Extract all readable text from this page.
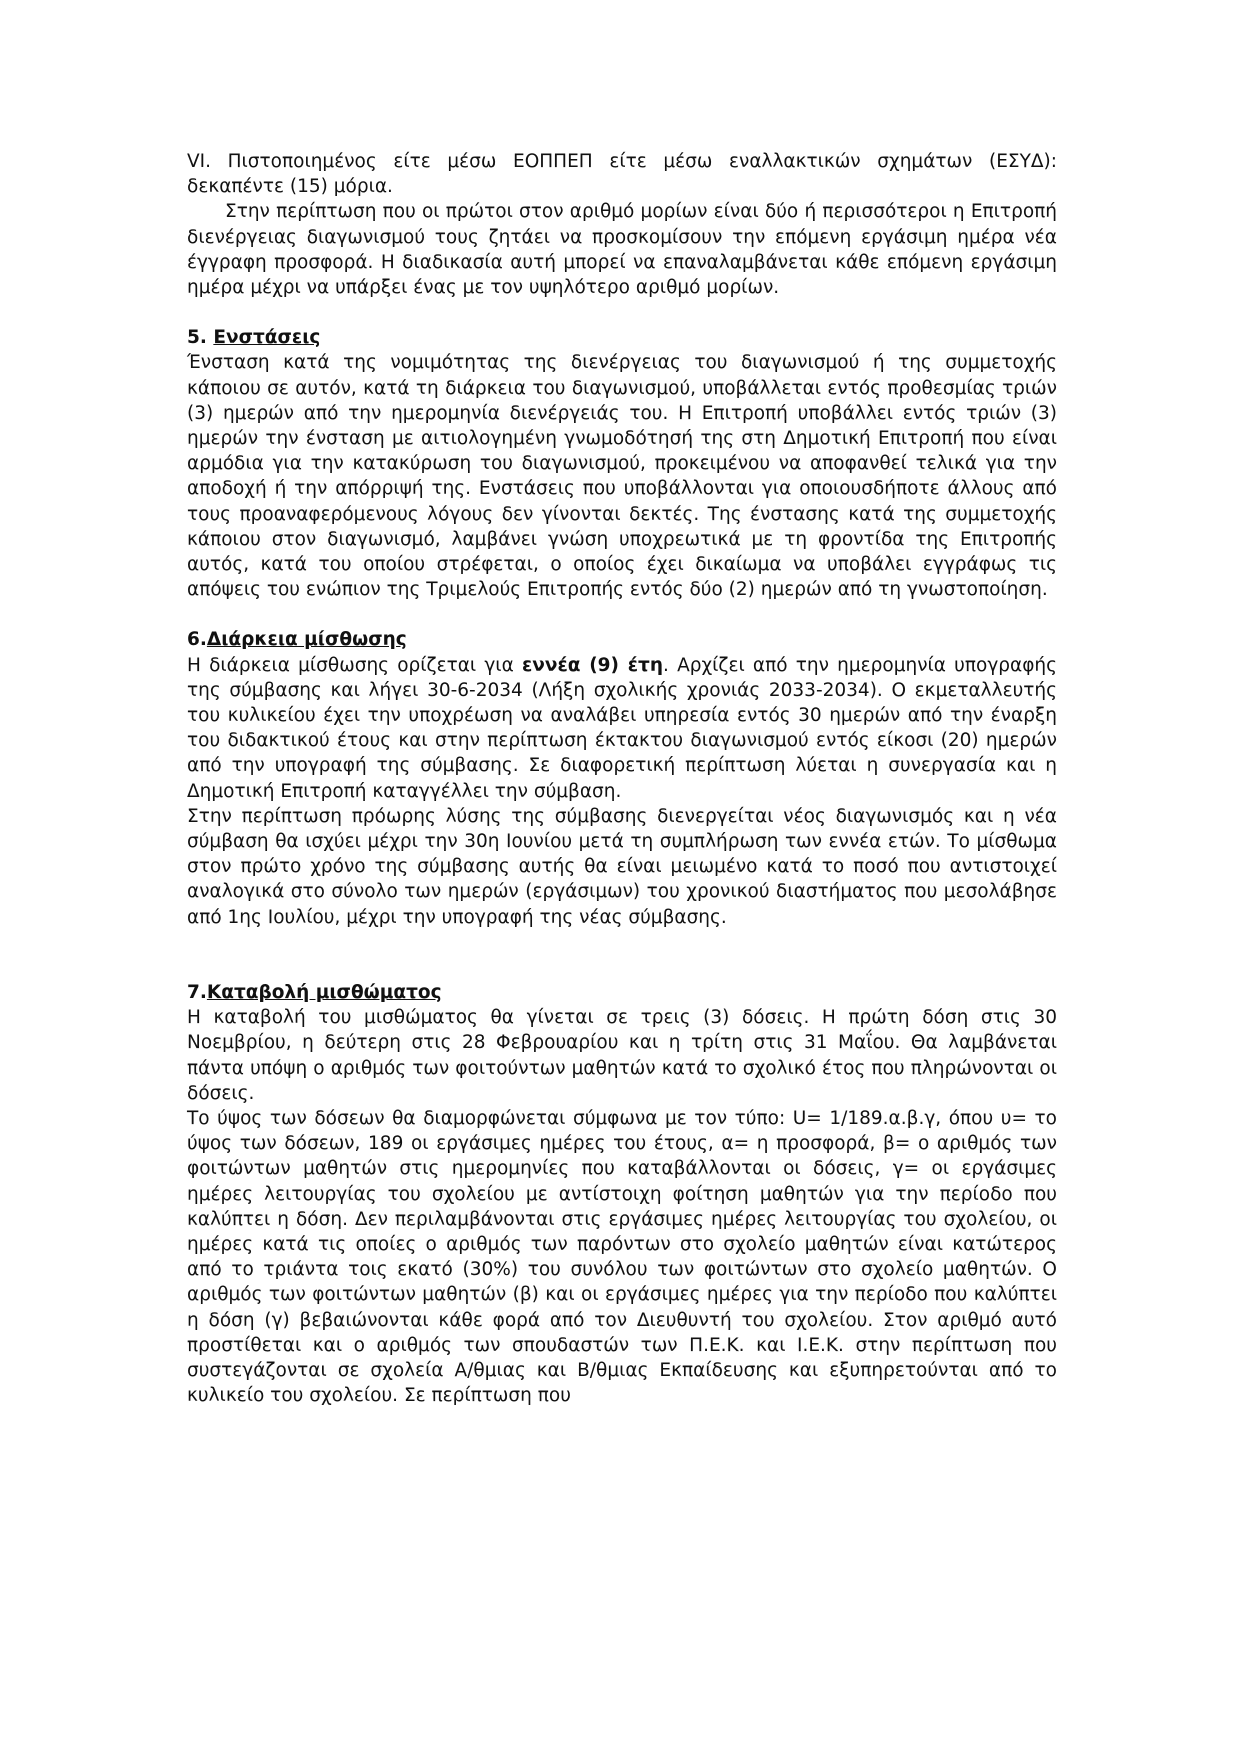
VI. Πιστοποιημένος είτε μέσω ΕΟΠΠΕΠ είτε μέσω εναλλακτικών σχημάτων (ΕΣΥΔ): δεκαπέντε (15) μόρια.

Στην περίπτωση που οι πρώτοι στον αριθμό μορίων είναι δύο ή περισσότεροι η Επιτροπή διενέργειας διαγωνισμού τους ζητάει να προσκομίσουν την επόμενη εργάσιμη ημέρα νέα έγγραφη προσφορά. Η διαδικασία αυτή μπορεί να επαναλαμβάνεται κάθε επόμενη εργάσιμη ημέρα μέχρι να υπάρξει ένας με τον υψηλότερο αριθμό μορίων.

5. Ενστάσεις

Ένσταση κατά της νομιμότητας της διενέργειας του διαγωνισμού ή της συμμετοχής κάποιου σε αυτόν, κατά τη διάρκεια του διαγωνισμού, υποβάλλεται εντός προθεσμίας τριών (3) ημερών από την ημερομηνία διενέργειάς του. Η Επιτροπή υποβάλλει εντός τριών (3) ημερών την ένσταση με αιτιολογημένη γνωμοδότησή της στη Δημοτική Επιτροπή που είναι αρμόδια για την κατακύρωση του διαγωνισμού, προκειμένου να αποφανθεί τελικά για την αποδοχή ή την απόρριψή της. Ενστάσεις που υποβάλλονται για οποιουσδήποτε άλλους από τους προαναφερόμενους λόγους δεν γίνονται δεκτές. Της ένστασης κατά της συμμετοχής κάποιου στον διαγωνισμό, λαμβάνει γνώση υποχρεωτικά με τη φροντίδα της Επιτροπής αυτός, κατά του οποίου στρέφεται, ο οποίος έχει δικαίωμα να υποβάλει εγγράφως τις απόψεις του ενώπιον της Τριμελούς Επιτροπής εντός δύο (2) ημερών από τη γνωστοποίηση.

6.Διάρκεια μίσθωσης

Η διάρκεια μίσθωσης ορίζεται για εννέα (9) έτη. Αρχίζει από την ημερομηνία υπογραφής της σύμβασης και λήγει 30-6-2034 (Λήξη σχολικής χρονιάς 2033-2034). Ο εκμεταλλευτής του κυλικείου έχει την υποχρέωση να αναλάβει υπηρεσία εντός 30 ημερών από την έναρξη του διδακτικού έτους και στην περίπτωση έκτακτου διαγωνισμού εντός είκοσι (20) ημερών από την υπογραφή της σύμβασης. Σε διαφορετική περίπτωση λύεται η συνεργασία και η Δημοτική Επιτροπή καταγγέλλει την σύμβαση.

Στην περίπτωση πρόωρης λύσης της σύμβασης διενεργείται νέος διαγωνισμός και η νέα σύμβαση θα ισχύει μέχρι την 30η Ιουνίου μετά τη συμπλήρωση των εννέα ετών. Το μίσθωμα στον πρώτο χρόνο της σύμβασης αυτής θα είναι μειωμένο κατά το ποσό που αντιστοιχεί αναλογικά στο σύνολο των ημερών (εργάσιμων) του χρονικού διαστήματος που μεσολάβησε από 1ης Ιουλίου, μέχρι την υπογραφή της νέας σύμβασης.

7.Καταβολή μισθώματος

Η καταβολή του μισθώματος θα γίνεται σε τρεις (3) δόσεις. Η πρώτη δόση στις 30 Νοεμβρίου, η δεύτερη στις 28 Φεβρουαρίου και η τρίτη στις 31 Μαΐου. Θα λαμβάνεται πάντα υπόψη ο αριθμός των φοιτούντων μαθητών κατά το σχολικό έτος που πληρώνονται οι δόσεις.

Το ύψος των δόσεων θα διαμορφώνεται σύμφωνα με τον τύπο: U= 1/189.α.β.γ, όπου υ= το ύψος των δόσεων, 189 οι εργάσιμες ημέρες του έτους, α= η προσφορά, β= ο αριθμός των φοιτώντων μαθητών στις ημερομηνίες που καταβάλλονται οι δόσεις, γ= οι εργάσιμες ημέρες λειτουργίας του σχολείου με αντίστοιχη φοίτηση μαθητών για την περίοδο που καλύπτει η δόση. Δεν περιλαμβάνονται στις εργάσιμες ημέρες λειτουργίας του σχολείου, οι ημέρες κατά τις οποίες ο αριθμός των παρόντων στο σχολείο μαθητών είναι κατώτερος από το τριάντα τοις εκατό (30%) του συνόλου των φοιτώντων στο σχολείο μαθητών. Ο αριθμός των φοιτώντων μαθητών (β) και οι εργάσιμες ημέρες για την περίοδο που καλύπτει η δόση (γ) βεβαιώνονται κάθε φορά από τον Διευθυντή του σχολείου. Στον αριθμό αυτό προστίθεται και ο αριθμός των σπουδαστών των Π.Ε.Κ. και Ι.Ε.Κ. στην περίπτωση που συστεγάζονται σε σχολεία Α/θμιας και Β/θμιας Εκπαίδευσης και εξυπηρετούνται από το κυλικείο του σχολείου. Σε περίπτωση που
